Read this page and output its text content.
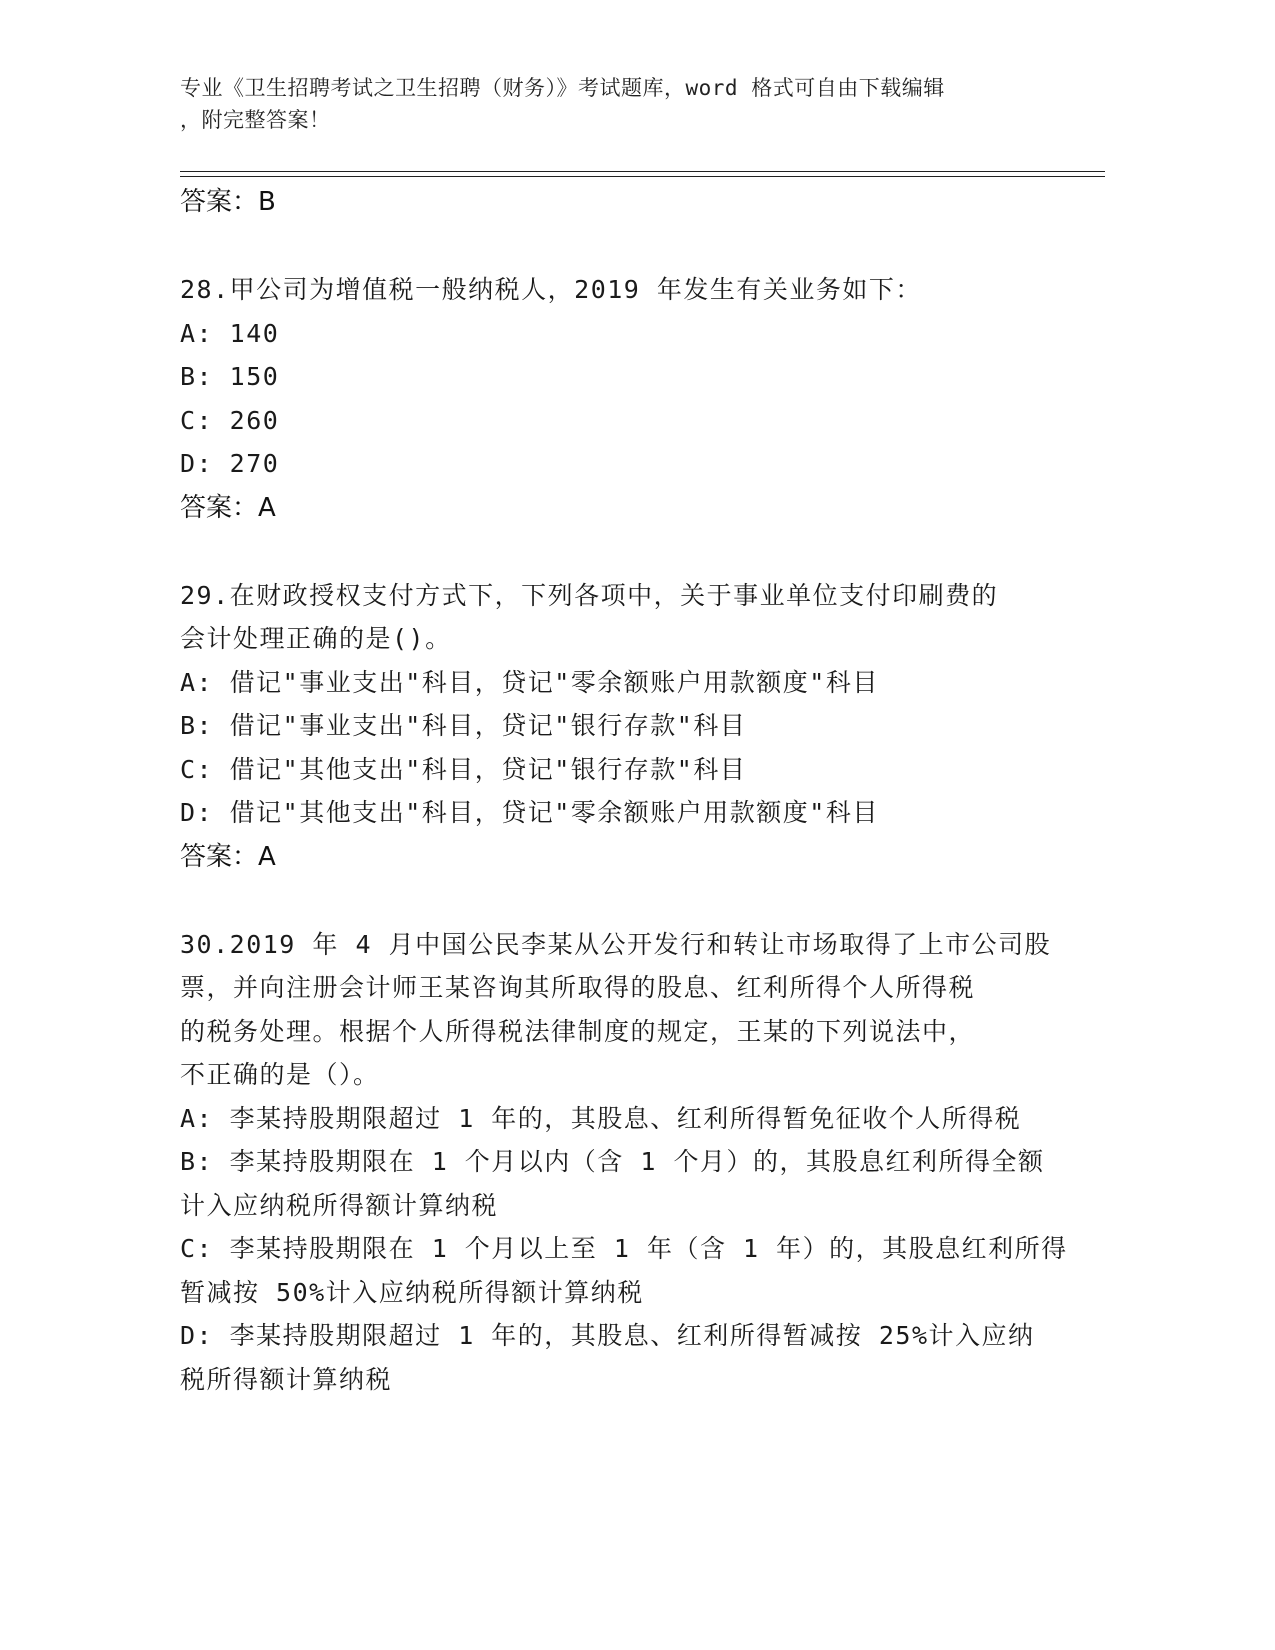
专业《卫生招聘考试之卫生招聘（财务）》考试题库，word 格式可自由下载编辑
，附完整答案！
答案：B
28.甲公司为增值税一般纳税人，2019 年发生有关业务如下：
A: 140
B: 150
C: 260
D: 270
答案：A
29.在财政授权支付方式下，下列各项中，关于事业单位支付印刷费的
会计处理正确的是()。
A: 借记"事业支出"科目，贷记"零余额账户用款额度"科目
B: 借记"事业支出"科目，贷记"银行存款"科目
C: 借记"其他支出"科目，贷记"银行存款"科目
D: 借记"其他支出"科目，贷记"零余额账户用款额度"科目
答案：A
30.2019 年 4 月中国公民李某从公开发行和转让市场取得了上市公司股
票，并向注册会计师王某咨询其所取得的股息、红利所得个人所得税
的税务处理。根据个人所得税法律制度的规定，王某的下列说法中，
不正确的是（）。
A: 李某持股期限超过 1 年的，其股息、红利所得暂免征收个人所得税
B: 李某持股期限在 1 个月以内（含 1 个月）的，其股息红利所得全额
计入应纳税所得额计算纳税
C: 李某持股期限在 1 个月以上至 1 年（含 1 年）的，其股息红利所得
暂减按 50%计入应纳税所得额计算纳税
D: 李某持股期限超过 1 年的，其股息、红利所得暂减按 25%计入应纳
税所得额计算纳税
